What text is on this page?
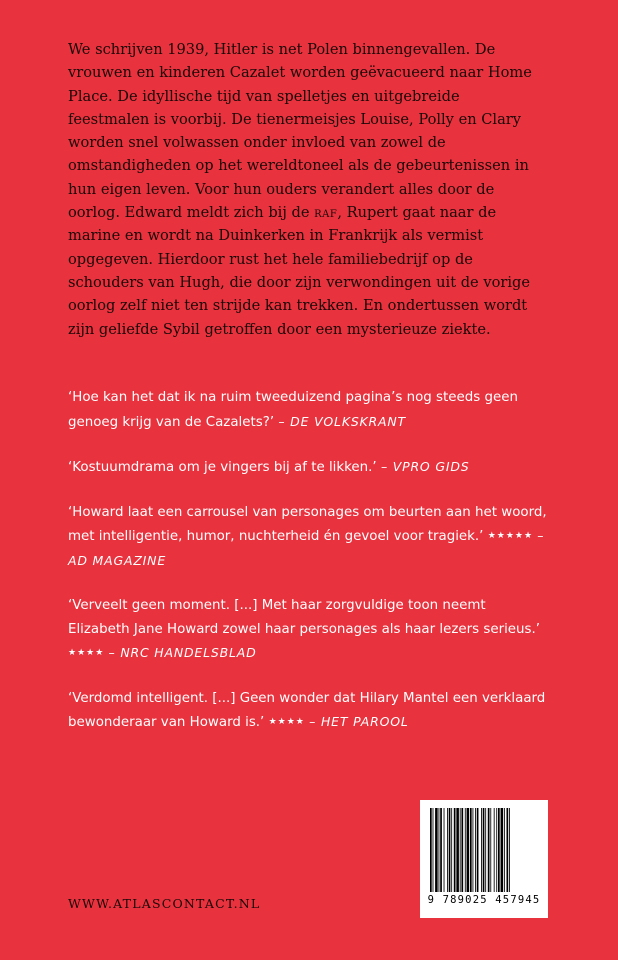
We schrijven 1939, Hitler is net Polen binnengevallen. De vrouwen en kinderen Cazalet worden geëvacueerd naar Home Place. De idyllische tijd van spelletjes en uitgebreide feestmalen is voorbij. De tienermeisjes Louise, Polly en Clary worden snel volwassen onder invloed van zowel de omstandigheden op het wereldtoneel als de gebeurtenissen in hun eigen leven. Voor hun ouders verandert alles door de oorlog. Edward meldt zich bij de raf, Rupert gaat naar de marine en wordt na Duinkerken in Frankrijk als vermist opgegeven. Hierdoor rust het hele familiebedrijf op de schouders van Hugh, die door zijn verwondingen uit de vorige oorlog zelf niet ten strijde kan trekken. En ondertussen wordt zijn geliefde Sybil getroffen door een mysterieuze ziekte.

‘Hoe kan het dat ik na ruim tweeduizend pagina’s nog steeds geen genoeg krijg van de Cazalets?’ – DE VOLKSKRANT

‘Kostuumdrama om je vingers bij af te likken.’ – VPRO GIDS

‘Howard laat een carrousel van personages om beurten aan het woord, met intelligentie, humor, nuchterheid én gevoel voor tragiek.’ ★★★★★ – AD MAGAZINE

‘Verveelt geen moment. [...] Met haar zorgvuldige toon neemt Elizabeth Jane Howard zowel haar personages als haar lezers serieus.’ ★★★★ – NRC HANDELSBLAD

‘Verdomd intelligent. [...] Geen wonder dat Hilary Mantel een verklaard bewonderaar van Howard is.’ ★★★★ – HET PAROOL

WWW.ATLASCONTACT.NL	9 789025 457945
